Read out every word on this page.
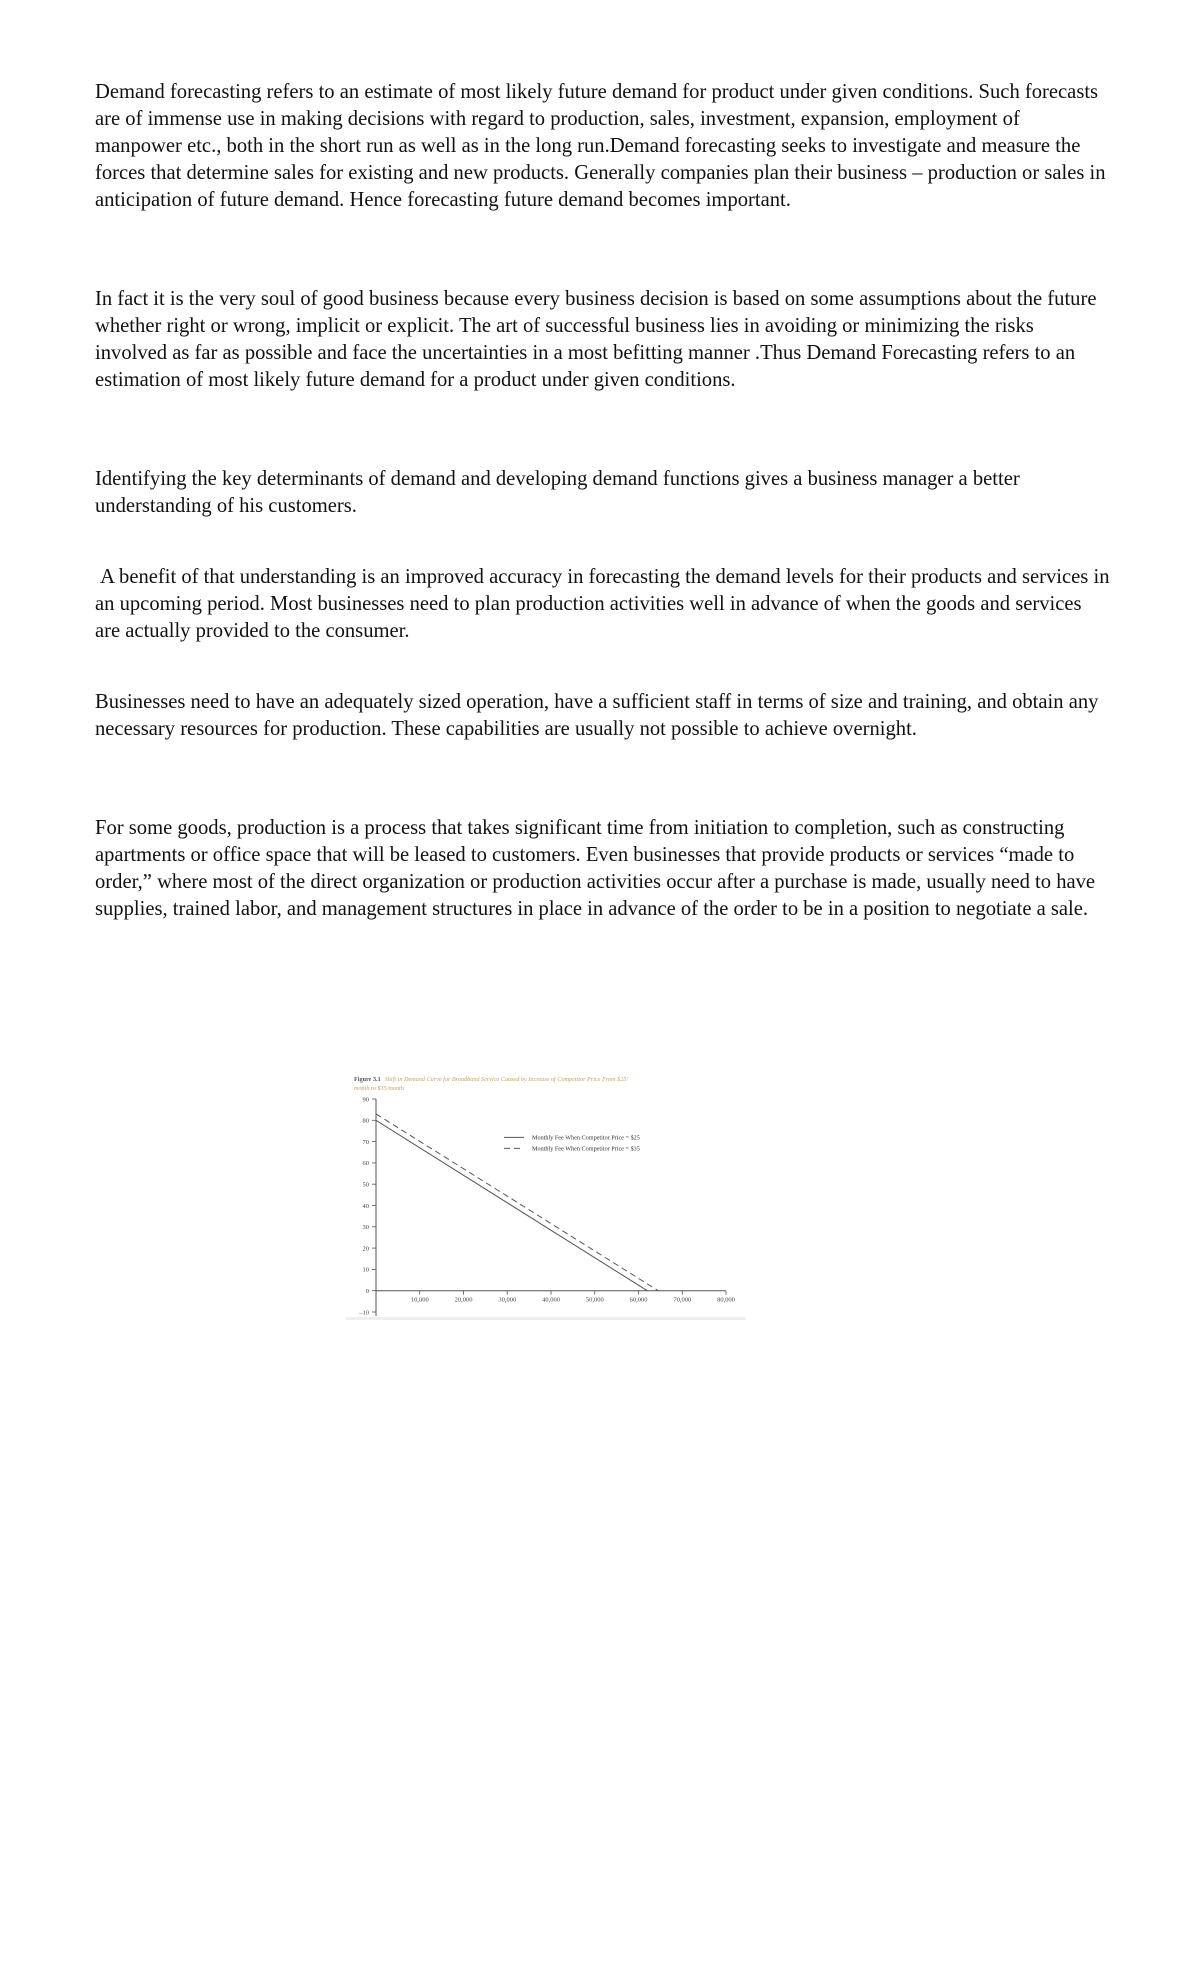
Demand forecasting refers to an estimate of most likely future demand for product under given conditions. Such forecasts are of immense use in making decisions with regard to production, sales, investment, expansion, employment of manpower etc., both in the short run as well as in the long run.Demand forecasting seeks to investigate and measure the forces that determine sales for existing and new products. Generally companies plan their business – production or sales in anticipation of future demand. Hence forecasting future demand becomes important.

In fact it is the very soul of good business because every business decision is based on some assumptions about the future whether right or wrong, implicit or explicit. The art of successful business lies in avoiding or minimizing the risks involved as far as possible and face the uncertainties in a most befitting manner .Thus Demand Forecasting refers to an estimation of most likely future demand for a product under given conditions.

Identifying the key determinants of demand and developing demand functions gives a business manager a better understanding of his customers.

A benefit of that understanding is an improved accuracy in forecasting the demand levels for their products and services in an upcoming period. Most businesses need to plan production activities well in advance of when the goods and services are actually provided to the consumer.

Businesses need to have an adequately sized operation, have a sufficient staff in terms of size and training, and obtain any necessary resources for production. These capabilities are usually not possible to achieve overnight.

For some goods, production is a process that takes significant time from initiation to completion, such as constructing apartments or office space that will be leased to customers. Even businesses that provide products or services “made to order,” where most of the direct organization or production activities occur after a purchase is made, usually need to have supplies, trained labor, and management structures in place in advance of the order to be in a position to negotiate a sale.

Figure 3.1 Shift in Demand Curve for Broadband Service Caused by Increase of Competitor Price From $25/
month to $35/month
–10
0
10
20
30
40
50
60
70
80
90
10,000	20,000	30,000	40,000	50,000	60,000	70,000	80,000
Monthly Fee When Competitor Price = $25
Monthly Fee When Competitor Price = $35
